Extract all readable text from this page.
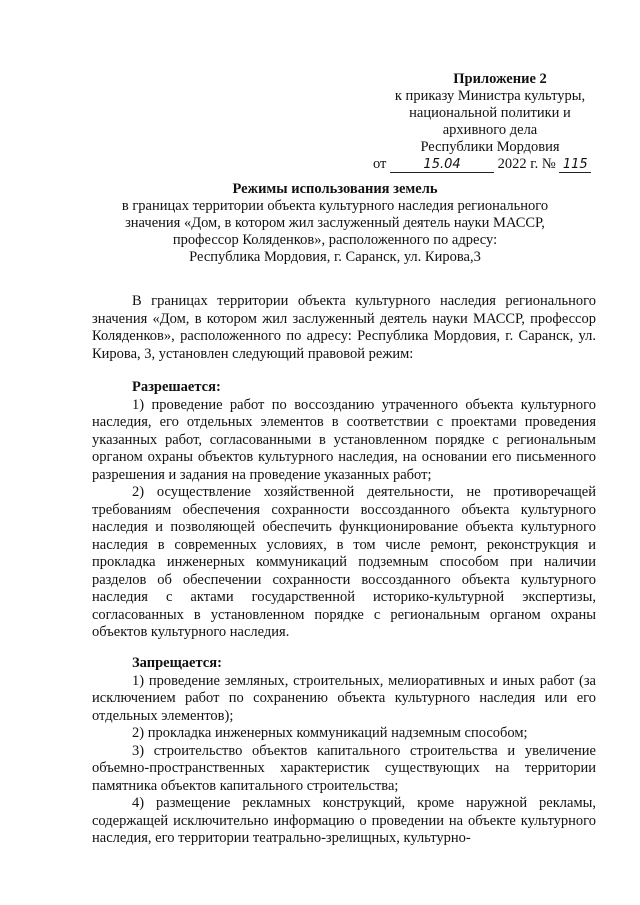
Приложение 2
к приказу Министра культуры,
национальной политики и
архивного дела
Республики Мордовия
от	15.04	2022 г. № 115
Режимы использования земель
в границах территории объекта культурного наследия регионального
значения «Дом, в котором жил заслуженный деятель науки МАССР,
профессор Коляденков», расположенного по адресу:
Республика Мордовия, г. Саранск, ул. Кирова,3

В границах территории объекта культурного наследия регионального значения «Дом, в котором жил заслуженный деятель науки МАССР, профессор Коляденков», расположенного по адресу: Республика Мордовия, г. Саранск, ул. Кирова, 3, установлен следующий правовой режим:

Разрешается:

1) проведение работ по воссозданию утраченного объекта культурного наследия, его отдельных элементов в соответствии с проектами проведения указанных работ, согласованными в установленном порядке с региональным органом охраны объектов культурного наследия, на основании его письменного разрешения и задания на проведение указанных работ;

2) осуществление хозяйственной деятельности, не противоречащей требованиям обеспечения сохранности воссозданного объекта культурного наследия и позволяющей обеспечить функционирование объекта культурного наследия в современных условиях, в том числе ремонт, реконструкция и прокладка инженерных коммуникаций подземным способом при наличии разделов об обеспечении сохранности воссозданного объекта культурного наследия с актами государственной историко-культурной экспертизы, согласованных в установленном порядке с региональным органом охраны объектов культурного наследия.

Запрещается:

1) проведение земляных, строительных, мелиоративных и иных работ (за исключением работ по сохранению объекта культурного наследия или его отдельных элементов);

2) прокладка инженерных коммуникаций надземным способом;

3) строительство объектов капитального строительства и увеличение объемно-пространственных характеристик существующих на территории памятника объектов капитального строительства;

4) размещение рекламных конструкций, кроме наружной рекламы, содержащей исключительно информацию о проведении на объекте культурного наследия, его территории театрально-зрелищных, культурно-
